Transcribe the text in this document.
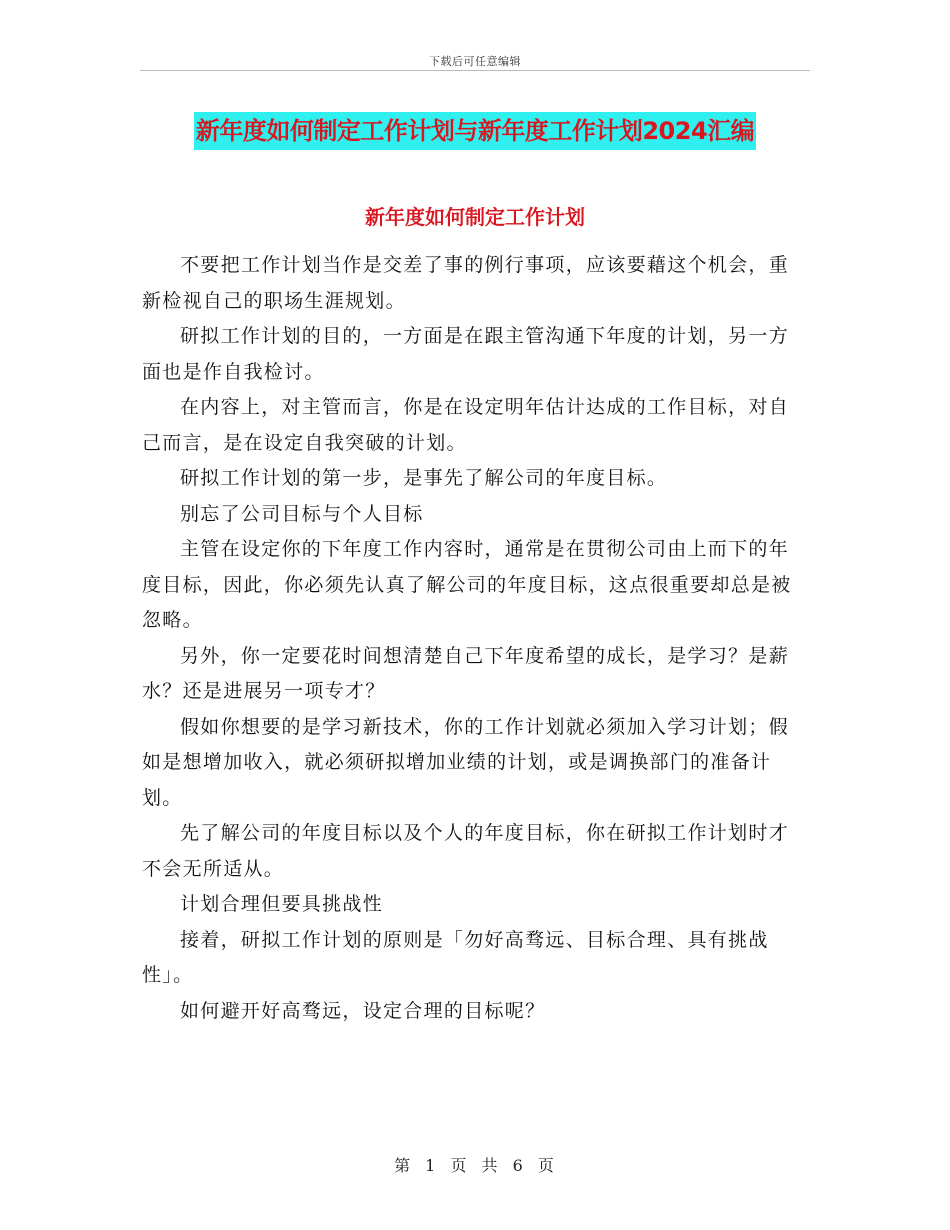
下载后可任意编辑
新年度如何制定工作计划与新年度工作计划2024汇编
新年度如何制定工作计划

不要把工作计划当作是交差了事的例行事项，应该要藉这个机会，重新检视自己的职场生涯规划。

研拟工作计划的目的，一方面是在跟主管沟通下年度的计划，另一方面也是作自我检讨。

在内容上，对主管而言，你是在设定明年估计达成的工作目标，对自己而言，是在设定自我突破的计划。

研拟工作计划的第一步，是事先了解公司的年度目标。

别忘了公司目标与个人目标

主管在设定你的下年度工作内容时，通常是在贯彻公司由上而下的年度目标，因此，你必须先认真了解公司的年度目标，这点很重要却总是被忽略。

另外，你一定要花时间想清楚自己下年度希望的成长，是学习？是薪水？还是进展另一项专才？

假如你想要的是学习新技术，你的工作计划就必须加入学习计划；假如是想增加收入，就必须研拟增加业绩的计划，或是调换部门的准备计划。

先了解公司的年度目标以及个人的年度目标，你在研拟工作计划时才不会无所适从。

计划合理但要具挑战性

接着，研拟工作计划的原则是「勿好高骛远、目标合理、具有挑战性」。

如何避开好高骛远，设定合理的目标呢？

第 1 页 共 6 页
